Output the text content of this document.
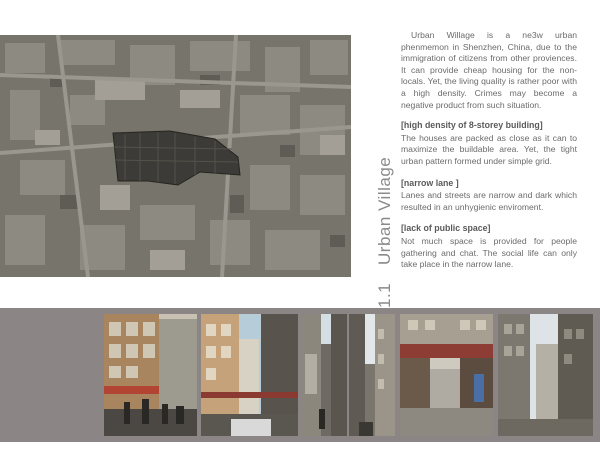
1.1
Urban Village

Urban Willage is a ne3w urban phenmemon in Shenzhen, China, due to the immigration of citizens from other proviences. It can provide cheap housing for the non-locals. Yet, the living quality is rather poor with a high density. Crimes may become a negative product from such situation.

[high density of 8-storey building]

The houses are packed as close as it can to maximize the buildable area. Yet, the tight urban pattern formed under simple grid.

[narrow lane ]

Lanes and streets are narrow and dark which resulted in an unhygienic enviroment.

[lack of public space]

Not much space is provided for people gathering and chat. The social life can only take place in the narrow lane.
